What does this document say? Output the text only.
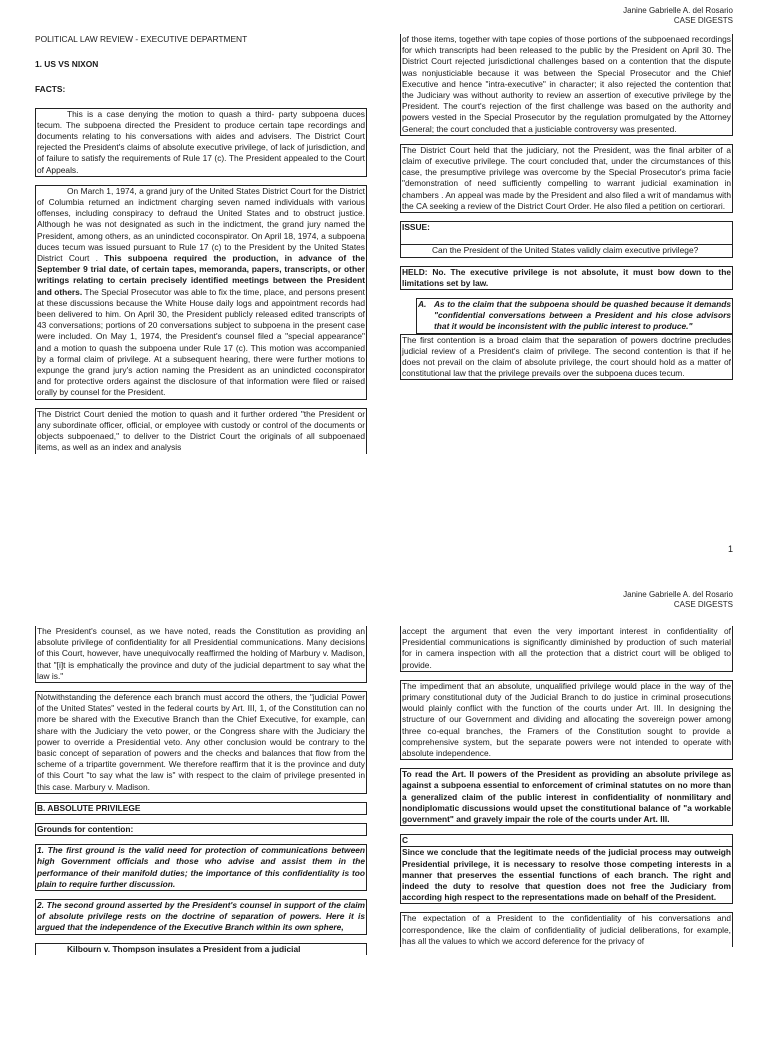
Janine Gabrielle A. del Rosario
CASE DIGESTS

POLITICAL LAW REVIEW - EXECUTIVE DEPARTMENT

1. US VS NIXON

FACTS:

This is a case denying the motion to quash a third- party subpoena duces tecum. The subpoena directed the President to produce certain tape recordings and documents relating to his conversations with aides and advisers. The District Court rejected the President's claims of absolute executive privilege, of lack of jurisdiction, and of failure to satisfy the requirements of Rule 17 (c). The President appealed to the Court of Appeals.

On March 1, 1974, a grand jury of the United States District Court for the District of Columbia returned an indictment charging seven named individuals with various offenses, including conspiracy to defraud the United States and to obstruct justice. Although he was not designated as such in the indictment, the grand jury named the President, among others, as an unindicted coconspirator. On April 18, 1974, a subpoena duces tecum was issued pursuant to Rule 17 (c) to the President by the United States District Court . This subpoena required the production, in advance of the September 9 trial date, of certain tapes, memoranda, papers, transcripts, or other writings relating to certain precisely identified meetings between the President and others. The Special Prosecutor was able to fix the time, place, and persons present at these discussions because the White House daily logs and appointment records had been delivered to him. On April 30, the President publicly released edited transcripts of 43 conversations; portions of 20 conversations subject to subpoena in the present case were included. On May 1, 1974, the President's counsel filed a "special appearance" and a motion to quash the subpoena under Rule 17 (c). This motion was accompanied by a formal claim of privilege. At a subsequent hearing, there were further motions to expunge the grand jury's action naming the President as an unindicted coconspirator and for protective orders against the disclosure of that information were filed or raised orally by counsel for the President.

The District Court denied the motion to quash and it further ordered "the President or any subordinate officer, official, or employee with custody or control of the documents or objects subpoenaed," to deliver to the District Court the originals of all subpoenaed items, as well as an index and analysis
of those items, together with tape copies of those portions of the subpoenaed recordings for which transcripts had been released to the public by the President on April 30. The District Court rejected jurisdictional challenges based on a contention that the dispute was nonjusticiable because it was between the Special Prosecutor and the Chief Executive and hence "intra-executive" in character; it also rejected the contention that the Judiciary was without authority to review an assertion of executive privilege by the President. The court's rejection of the first challenge was based on the authority and powers vested in the Special Prosecutor by the regulation promulgated by the Attorney General; the court concluded that a justiciable controversy was presented.
The District Court held that the judiciary, not the President, was the final arbiter of a claim of executive privilege. The court concluded that, under the circumstances of this case, the presumptive privilege was overcome by the Special Prosecutor's prima facie "demonstration of need sufficiently compelling to warrant judicial examination in chambers . An appeal was made by the President and also filed a writ of mandamus with the CA seeking a review of the District Court Order. He also filed a petition on certiorari.
ISSUE:

Can the President of the United States validly claim executive privilege?
HELD: No. The executive privilege is not absolute, it must bow down to the limitations set by law.
A. As to the claim that the subpoena should be quashed because it demands "confidential conversations between a President and his close advisors that it would be inconsistent with the public interest to produce."
The first contention is a broad claim that the separation of powers doctrine precludes judicial review of a President's claim of privilege. The second contention is that if he does not prevail on the claim of absolute privilege, the court should hold as a matter of constitutional law that the privilege prevails over the subpoena duces tecum.
1
Janine Gabrielle A. del Rosario
CASE DIGESTS
The President's counsel, as we have noted, reads the Constitution as providing an absolute privilege of confidentiality for all Presidential communications. Many decisions of this Court, however, have unequivocally reaffirmed the holding of Marbury v. Madison, that "[i]t is emphatically the province and duty of the judicial department to say what the law is."
Notwithstanding the deference each branch must accord the others, the "judicial Power of the United States" vested in the federal courts by Art. III, 1, of the Constitution can no more be shared with the Executive Branch than the Chief Executive, for example, can share with the Judiciary the veto power, or the Congress share with the Judiciary the power to override a Presidential veto. Any other conclusion would be contrary to the basic concept of separation of powers and the checks and balances that flow from the scheme of a tripartite government. We therefore reaffirm that it is the province and duty of this Court "to say what the law is" with respect to the claim of privilege presented in this case. Marbury v. Madison.
B. ABSOLUTE PRIVILEGE
Grounds for contention:
1. The first ground is the valid need for protection of communications between high Government officials and those who advise and assist them in the performance of their manifold duties; the importance of this confidentiality is too plain to require further discussion.
2. The second ground asserted by the President's counsel in support of the claim of absolute privilege rests on the doctrine of separation of powers. Here it is argued that the independence of the Executive Branch within its own sphere,
Kilbourn v. Thompson insulates a President from a judicial
accept the argument that even the very important interest in confidentiality of Presidential communications is significantly diminished by production of such material for in camera inspection with all the protection that a district court will be obliged to provide.
The impediment that an absolute, unqualified privilege would place in the way of the primary constitutional duty of the Judicial Branch to do justice in criminal prosecutions would plainly conflict with the function of the courts under Art. III. In designing the structure of our Government and dividing and allocating the sovereign power among three co-equal branches, the Framers of the Constitution sought to provide a comprehensive system, but the separate powers were not intended to operate with absolute independence.
To read the Art. II powers of the President as providing an absolute privilege as against a subpoena essential to enforcement of criminal statutes on no more than a generalized claim of the public interest in confidentiality of nonmilitary and nondiplomatic discussions would upset the constitutional balance of "a workable government" and gravely impair the role of the courts under Art. III.
C
Since we conclude that the legitimate needs of the judicial process may outweigh Presidential privilege, it is necessary to resolve those competing interests in a manner that preserves the essential functions of each branch. The right and indeed the duty to resolve that question does not free the Judiciary from according high respect to the representations made on behalf of the President.
The expectation of a President to the confidentiality of his conversations and correspondence, like the claim of confidentiality of judicial deliberations, for example, has all the values to which we accord deference for the privacy of
